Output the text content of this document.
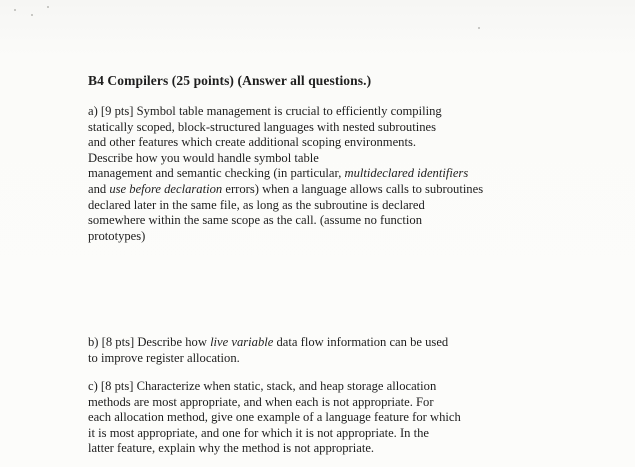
B4 Compilers (25 points) (Answer all questions.)
a) [9 pts] Symbol table management is crucial to efficiently compiling
statically scoped, block-structured languages with nested subroutines
and other features which create additional scoping environments.
Describe how you would handle symbol table
management and semantic checking (in particular, multideclared identifiers
and use before declaration errors) when a language allows calls to subroutines
declared later in the same file, as long as the subroutine is declared
somewhere within the same scope as the call. (assume no function
prototypes)
b) [8 pts] Describe how live variable data flow information can be used
to improve register allocation.
c) [8 pts] Characterize when static, stack, and heap storage allocation
methods are most appropriate, and when each is not appropriate. For
each allocation method, give one example of a language feature for which
it is most appropriate, and one for which it is not appropriate. In the
latter feature, explain why the method is not appropriate.
